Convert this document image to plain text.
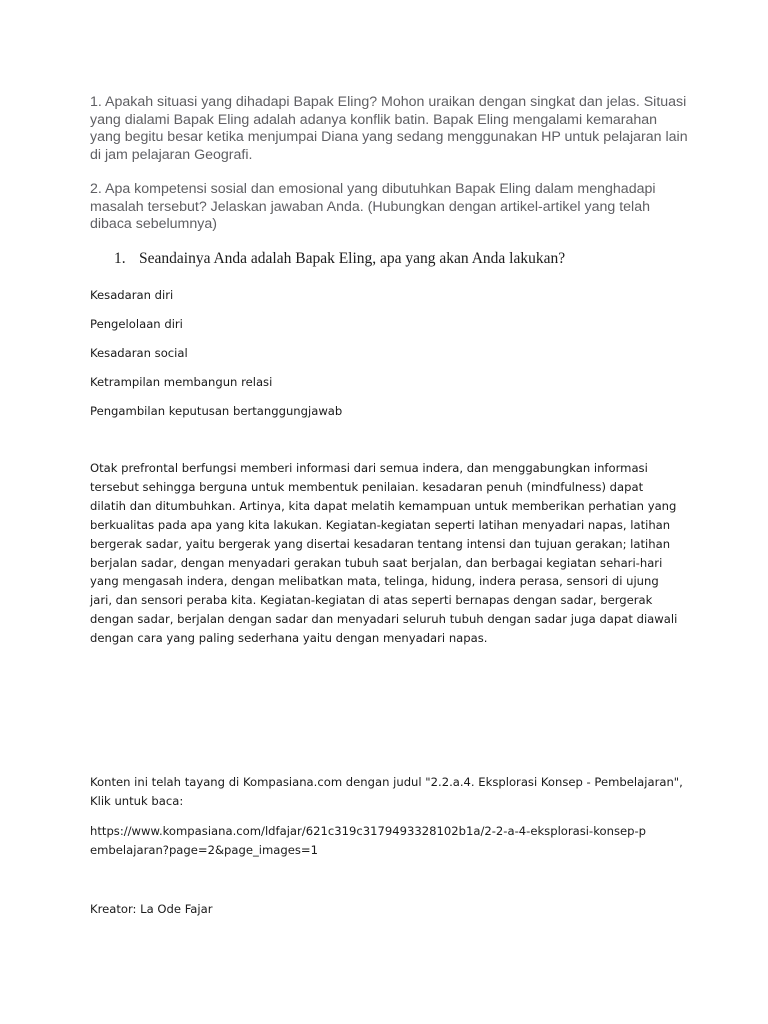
1. Apakah situasi yang dihadapi Bapak Eling? Mohon uraikan dengan singkat dan jelas. Situasi yang dialami Bapak Eling adalah adanya konflik batin. Bapak Eling mengalami kemarahan yang begitu besar ketika menjumpai Diana yang sedang menggunakan HP untuk pelajaran lain di jam pelajaran Geografi.

2. Apa kompetensi sosial dan emosional yang dibutuhkan Bapak Eling dalam menghadapi masalah tersebut? Jelaskan jawaban Anda. (Hubungkan dengan artikel-artikel yang telah dibaca sebelumnya)

1. Seandainya Anda adalah Bapak Eling, apa yang akan Anda lakukan?

Kesadaran diri

Pengelolaan diri

Kesadaran social

Ketrampilan membangun relasi

Pengambilan keputusan bertanggungjawab

Otak prefrontal berfungsi memberi informasi dari semua indera, dan menggabungkan informasi tersebut sehingga berguna untuk membentuk penilaian. kesadaran penuh (mindfulness) dapat dilatih dan ditumbuhkan. Artinya, kita dapat melatih kemampuan untuk memberikan perhatian yang berkualitas pada apa yang kita lakukan. Kegiatan-kegiatan seperti latihan menyadari napas, latihan bergerak sadar, yaitu bergerak yang disertai kesadaran tentang intensi dan tujuan gerakan; latihan berjalan sadar, dengan menyadari gerakan tubuh saat berjalan, dan berbagai kegiatan sehari-hari yang mengasah indera, dengan melibatkan mata, telinga, hidung, indera perasa, sensori di ujung jari, dan sensori peraba kita. Kegiatan-kegiatan di atas seperti bernapas dengan sadar, bergerak dengan sadar, berjalan dengan sadar dan menyadari seluruh tubuh dengan sadar juga dapat diawali dengan cara yang paling sederhana yaitu dengan menyadari napas.

Konten ini telah tayang di Kompasiana.com dengan judul "2.2.a.4. Eksplorasi Konsep - Pembelajaran", Klik untuk baca:

https://www.kompasiana.com/ldfajar/621c319c3179493328102b1a/2-2-a-4-eksplorasi-konsep-pembelajaran?page=2&page_images=1

Kreator: La Ode Fajar
